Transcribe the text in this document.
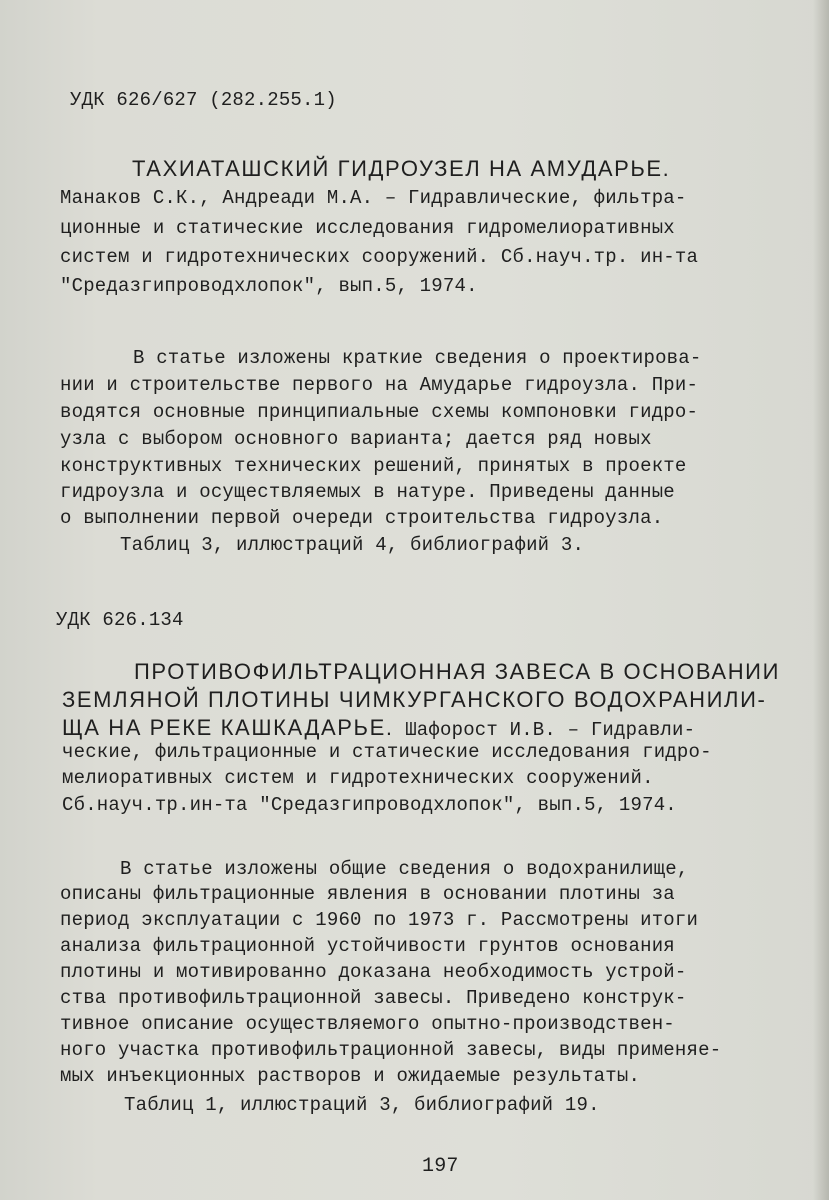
УДК 626/627 (282.255.1)
ТАХИАТАШСКИЙ ГИДРОУЗЕЛ НА АМУДАРЬЕ.
Манаков С.К., Андреади М.А. – Гидравлические, фильтра-
ционные и статические исследования гидромелиоративных
систем и гидротехнических сооружений. Сб.науч.тр. ин-та
"Средазгипроводхлопок", вып.5, 1974.
В статье изложены краткие сведения о проектирова-
нии и строительстве первого на Амударье гидроузла. При-
водятся основные принципиальные схемы компоновки гидро-
узла с выбором основного варианта; дается ряд новых
конструктивных технических решений, принятых в проекте
гидроузла и осуществляемых в натуре. Приведены данные
о выполнении первой очереди строительства гидроузла.
Таблиц 3, иллюстраций 4, библиографий 3.
УДК 626.134
ПРОТИВОФИЛЬТРАЦИОННАЯ ЗАВЕСА В ОСНОВАНИИ
ЗЕМЛЯНОЙ ПЛОТИНЫ ЧИМКУРГАНСКОГО ВОДОХРАНИЛИ-
ЩА НА РЕКЕ КАШКАДАРЬЕ. Шафорост И.В. – Гидравли-
ческие, фильтрационные и статические исследования гидро-
мелиоративных систем и гидротехнических сооружений.
Сб.науч.тр.ин-та "Средазгипроводхлопок", вып.5, 1974.
В статье изложены общие сведения о водохранилище,
описаны фильтрационные явления в основании плотины за
период эксплуатации с 1960 по 1973 г. Рассмотрены итоги
анализа фильтрационной устойчивости грунтов основания
плотины и мотивированно доказана необходимость устрой-
ства противофильтрационной завесы. Приведено конструк-
тивное описание осуществляемого опытно-производствен-
ного участка противофильтрационной завесы, виды применяе-
мых инъекционных растворов и ожидаемые результаты.
Таблиц 1, иллюстраций 3, библиографий 19.
197
